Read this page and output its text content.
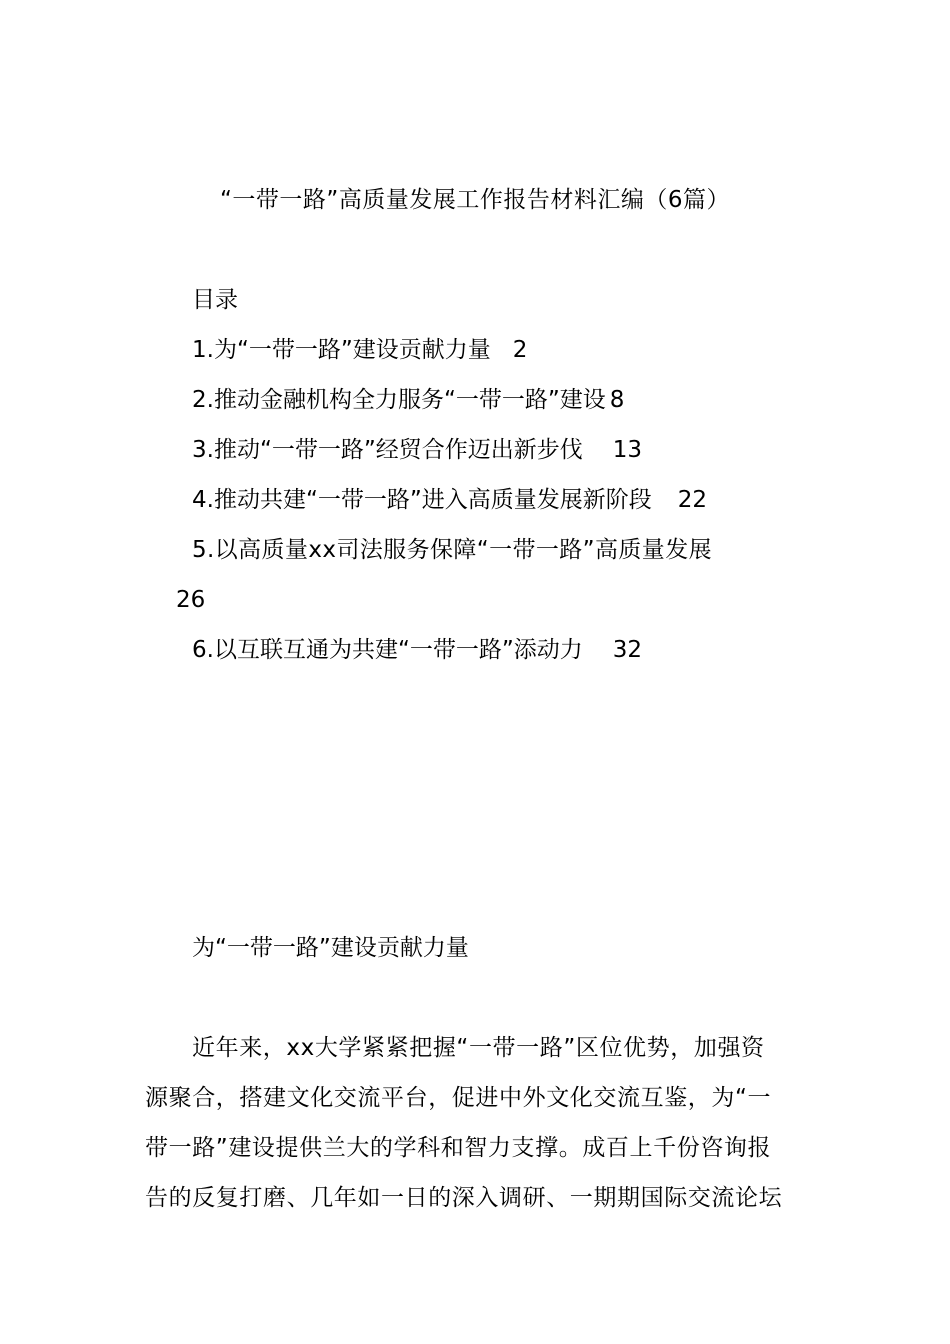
“一带一路”高质量发展工作报告材料汇编（6篇）
目录
1.为“一带一路”建设贡献力量 2
2.推动金融机构全力服务“一带一路”建设 8
3.推动“一带一路”经贸合作迈出新步伐 13
4.推动共建“一带一路”进入高质量发展新阶段 22
5.以高质量xx司法服务保障“一带一路”高质量发展
26
6.以互联互通为共建“一带一路”添动力 32
为“一带一路”建设贡献力量
近年来，xx大学紧紧把握“一带一路”区位优势，加强资
源聚合，搭建文化交流平台，促进中外文化交流互鉴，为“一
带一路”建设提供兰大的学科和智力支撑。成百上千份咨询报
告的反复打磨、几年如一日的深入调研、一期期国际交流论坛
